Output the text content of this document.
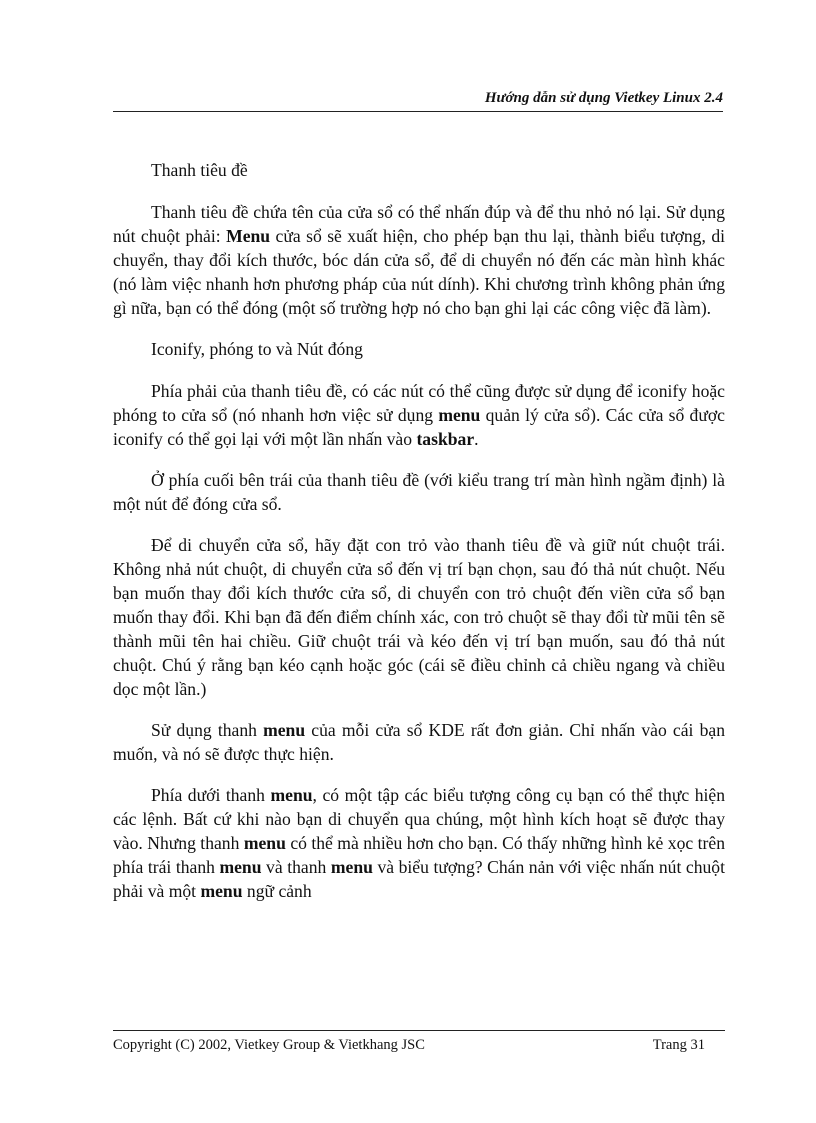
Hướng dẫn sử dụng Vietkey Linux 2.4

Thanh tiêu đề

Thanh tiêu đề chứa tên của cửa sổ có thể nhấn đúp và để thu nhỏ nó lại. Sử dụng nút chuột phải: Menu cửa sổ sẽ xuất hiện, cho phép bạn thu lại, thành biểu tượng, di chuyển, thay đổi kích thước, bóc dán cửa sổ, để di chuyển nó đến các màn hình khác (nó làm việc nhanh hơn phương pháp của nút dính). Khi chương trình không phản ứng gì nữa, bạn có thể đóng (một số trường hợp nó cho bạn ghi lại các công việc đã làm).

Iconify, phóng to và Nút đóng

Phía phải của thanh tiêu đề, có các nút có thể cũng được sử dụng để iconify hoặc phóng to cửa sổ (nó nhanh hơn việc sử dụng menu quản lý cửa sổ). Các cửa sổ được iconify có thể gọi lại với một lần nhấn vào taskbar.

Ở phía cuối bên trái của thanh tiêu đề (với kiểu trang trí màn hình ngầm định) là một nút để đóng cửa sổ.

Để di chuyển cửa sổ, hãy đặt con trỏ vào thanh tiêu đề và giữ nút chuột trái. Không nhả nút chuột, di chuyển cửa sổ đến vị trí bạn chọn, sau đó thả nút chuột. Nếu bạn muốn thay đổi kích thước cửa sổ, di chuyển con trỏ chuột đến viền cửa sổ bạn muốn thay đổi. Khi bạn đã đến điểm chính xác, con trỏ chuột sẽ thay đổi từ mũi tên sẽ thành mũi tên hai chiều. Giữ chuột trái và kéo đến vị trí bạn muốn, sau đó thả nút chuột. Chú ý rằng bạn kéo cạnh hoặc góc (cái sẽ điều chỉnh cả chiều ngang và chiều dọc một lần.)

Sử dụng thanh menu của mỗi cửa sổ KDE rất đơn giản. Chỉ nhấn vào cái bạn muốn, và nó sẽ được thực hiện.

Phía dưới thanh menu, có một tập các biểu tượng công cụ bạn có thể thực hiện các lệnh. Bất cứ khi nào bạn di chuyển qua chúng, một hình kích hoạt sẽ được thay vào. Nhưng thanh menu có thể mà nhiều hơn cho bạn. Có thấy những hình kẻ xọc trên phía trái thanh menu và thanh menu và biểu tượng? Chán nản với việc nhấn nút chuột phải và một menu ngữ cảnh

Copyright (C) 2002, Vietkey Group & Vietkhang JSC	Trang 31
